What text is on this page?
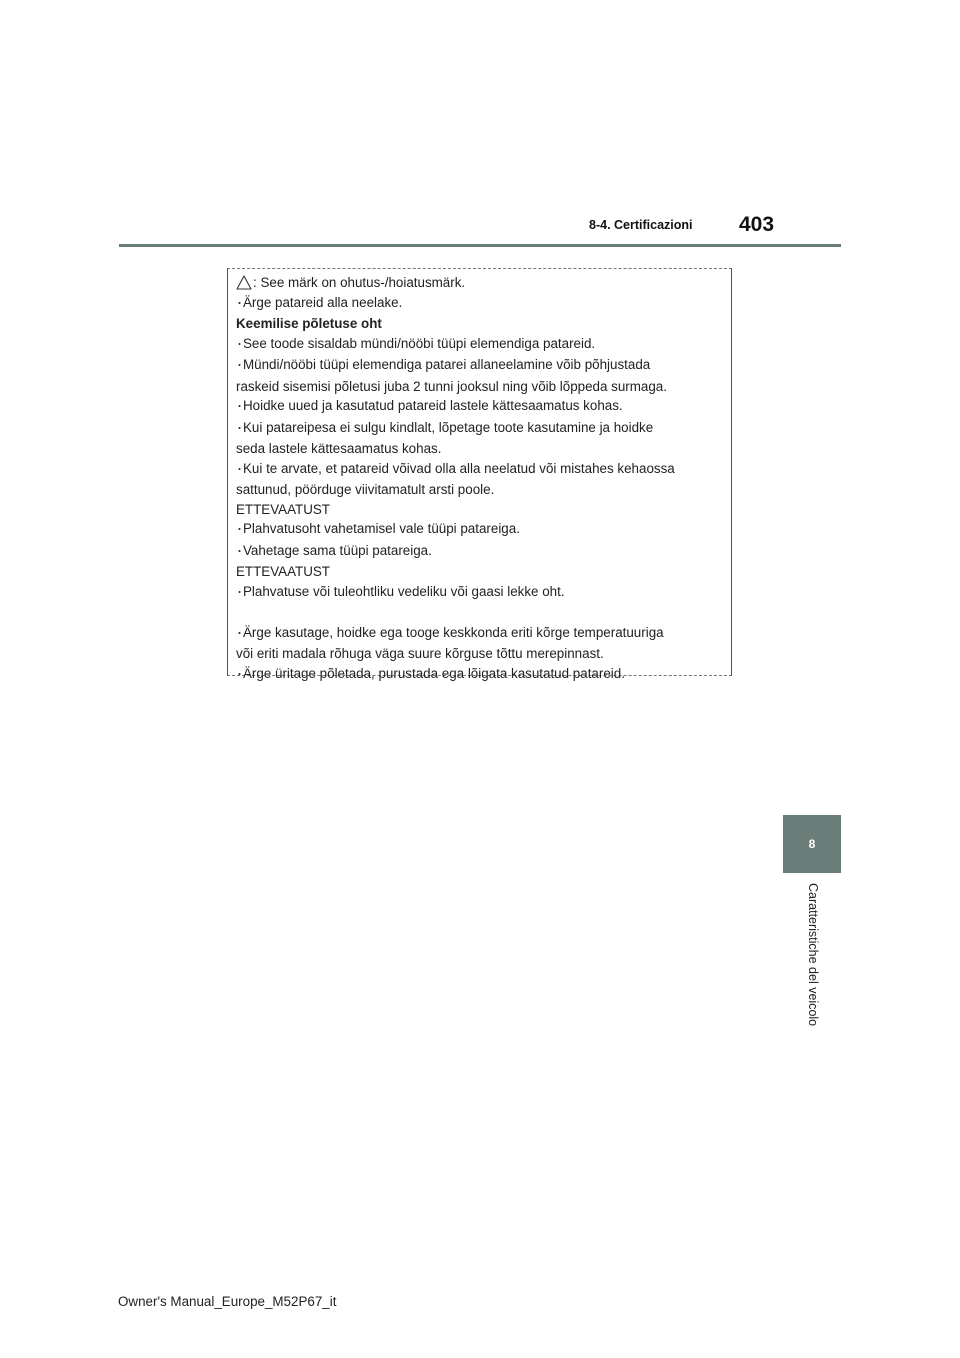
8-4. Certificazioni 403
8
Caratteristiche del veicolo
: See märk on ohutus-/hoiatusmärk.
・ Ärge patareid alla neelake.
Keemilise põletuse oht
・ See toode sisaldab mündi/nööbi tüüpi elemendiga patareid.
・ Mündi/nööbi tüüpi elemendiga patarei allaneelamine võib põhjustada
raskeid sisemisi põletusi juba 2 tunni jooksul ning võib lõppeda surmaga.
・ Hoidke uued ja kasutatud patareid lastele kättesaamatus kohas.
・ Kui patareipesa ei sulgu kindlalt, lõpetage toote kasutamine ja hoidke
seda lastele kättesaamatus kohas.
・ Kui te arvate, et patareid võivad olla alla neelatud või mistahes kehaossa
sattunud, pöörduge viivitamatult arsti poole.
ETTEVAATUST
・ Plahvatusoht vahetamisel vale tüüpi patareiga.
・ Vahetage sama tüüpi patareiga.
ETTEVAATUST
・ Plahvatuse või tuleohtliku vedeliku või gaasi lekke oht.
・ Ärge kasutage, hoidke ega tooge keskkonda eriti kõrge temperatuuriga
või eriti madala rõhuga väga suure kõrguse tõttu merepinnast.
・ Ärge üritage põletada, purustada ega lõigata kasutatud patareid.
Owner's Manual_Europe_M52P67_it
